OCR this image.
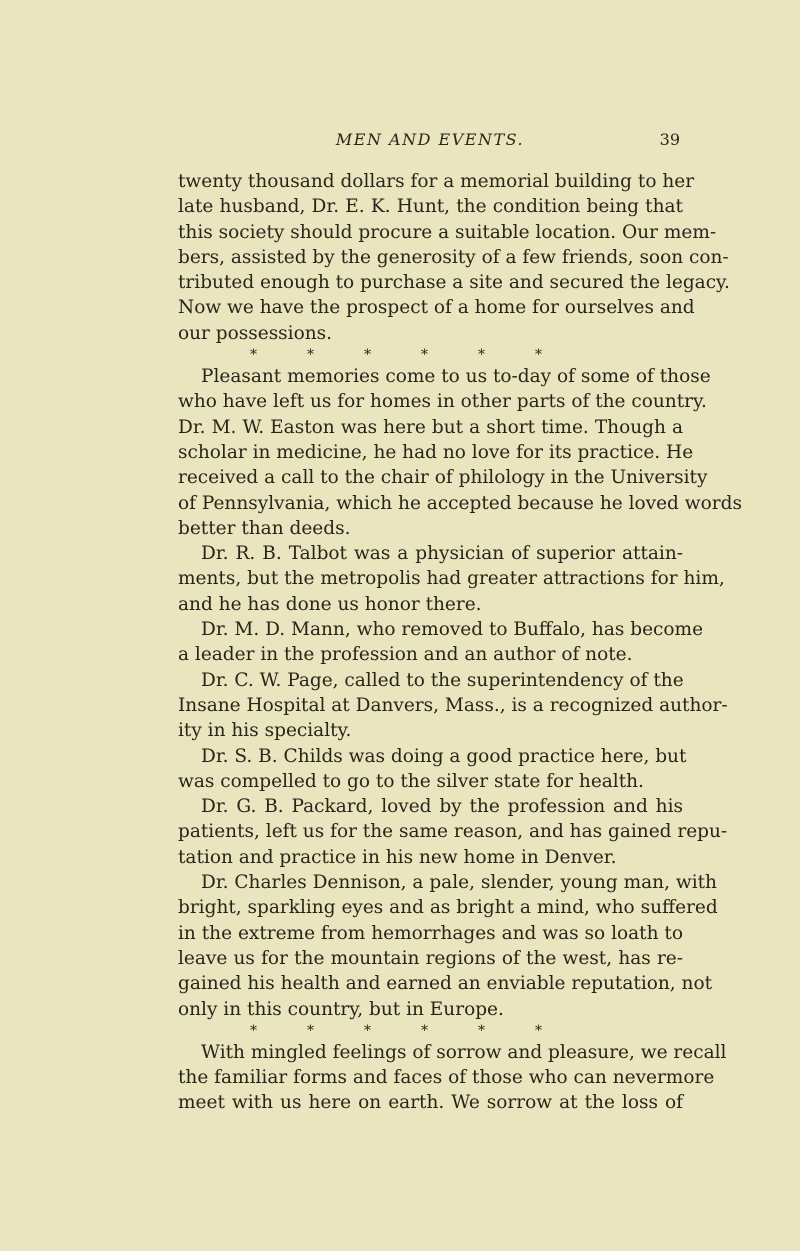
MEN AND EVENTS.	39
twenty thousand dollars for a memorial building to her
late husband, Dr. E. K. Hunt, the condition being that
this society should procure a suitable location. Our mem-
bers, assisted by the generosity of a few friends, soon con-
tributed enough to purchase a site and secured the legacy.
Now we have the prospect of a home for ourselves and
our possessions.
*          *          *          *          *          *
Pleasant memories come to us to-day of some of those
who have left us for homes in other parts of the country.
Dr. M. W. Easton was here but a short time. Though a
scholar in medicine, he had no love for its practice. He
received a call to the chair of philology in the University
of Pennsylvania, which he accepted because he loved words
better than deeds.
Dr. R. B. Talbot was a physician of superior attain-
ments, but the metropolis had greater attractions for him,
and he has done us honor there.
Dr. M. D. Mann, who removed to Buffalo, has become
a leader in the profession and an author of note.
Dr. C. W. Page, called to the superintendency of the
Insane Hospital at Danvers, Mass., is a recognized author-
ity in his specialty.
Dr. S. B. Childs was doing a good practice here, but
was compelled to go to the silver state for health.
Dr. G. B. Packard, loved by the profession and his
patients, left us for the same reason, and has gained repu-
tation and practice in his new home in Denver.
Dr. Charles Dennison, a pale, slender, young man, with
bright, sparkling eyes and as bright a mind, who suffered
in the extreme from hemorrhages and was so loath to
leave us for the mountain regions of the west, has re-
gained his health and earned an enviable reputation, not
only in this country, but in Europe.
*          *          *          *          *          *
With mingled feelings of sorrow and pleasure, we recall
the familiar forms and faces of those who can nevermore
meet with us here on earth. We sorrow at the loss of
